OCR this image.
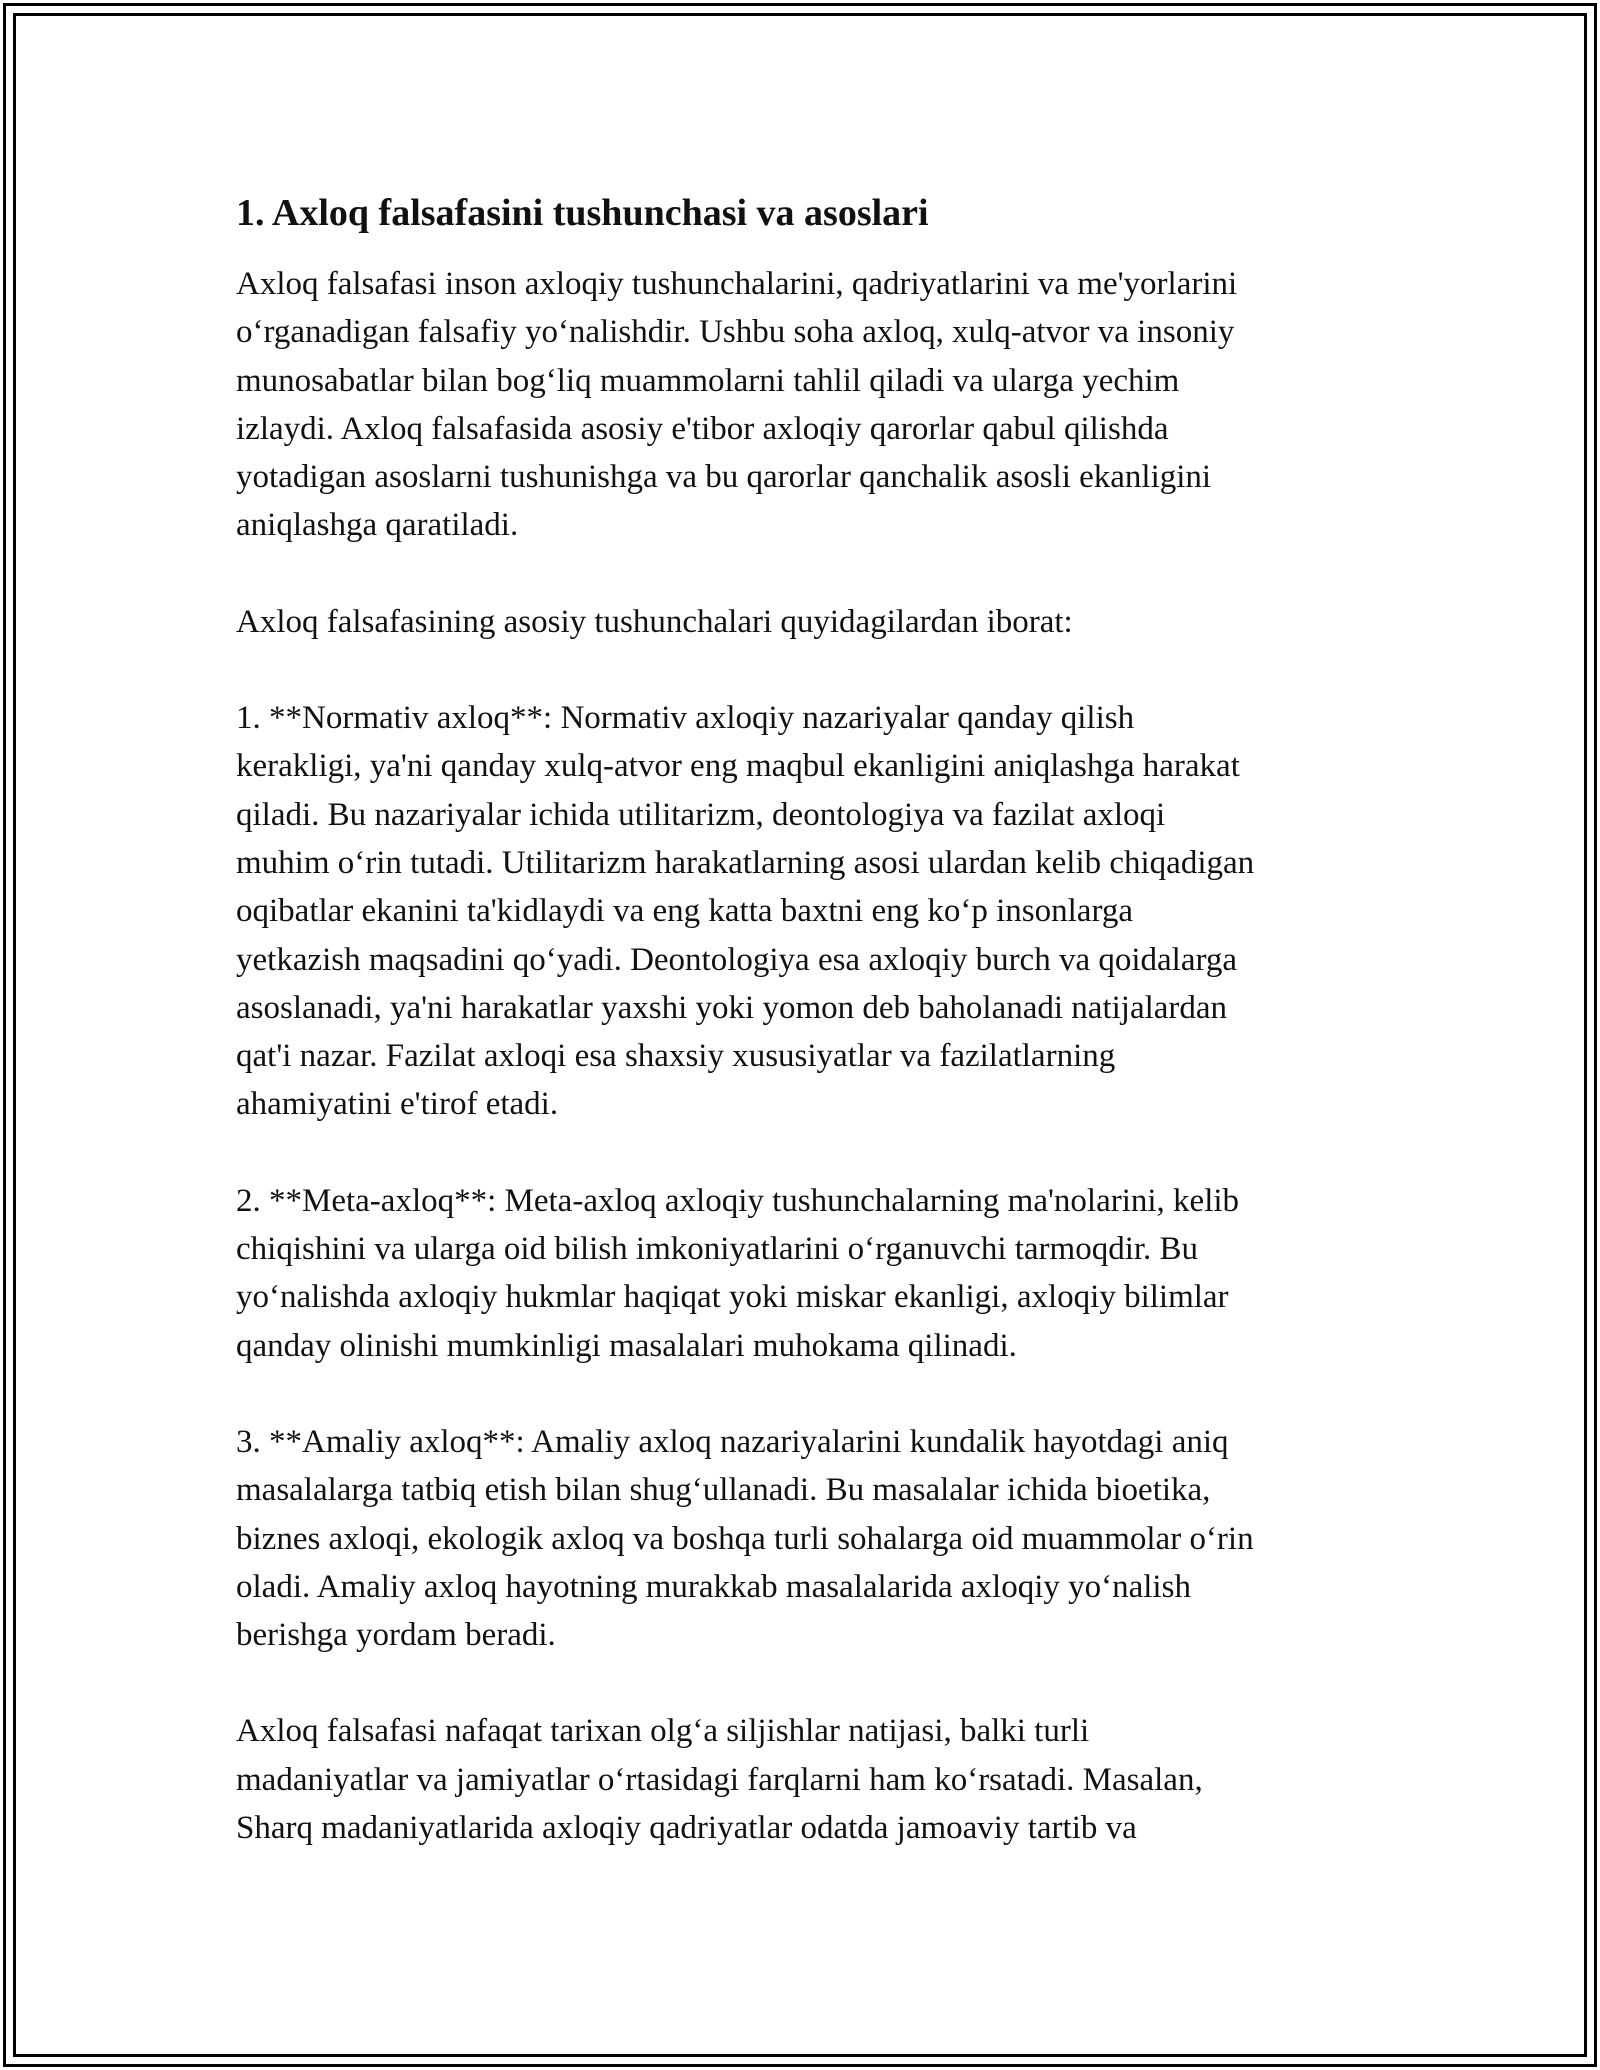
1. Axloq falsafasini tushunchasi va asoslari

Axloq falsafasi inson axloqiy tushunchalarini, qadriyatlarini va me'yorlarini
o‘rganadigan falsafiy yo‘nalishdir. Ushbu soha axloq, xulq-atvor va insoniy
munosabatlar bilan bog‘liq muammolarni tahlil qiladi va ularga yechim
izlaydi. Axloq falsafasida asosiy e'tibor axloqiy qarorlar qabul qilishda
yotadigan asoslarni tushunishga va bu qarorlar qanchalik asosli ekanligini
aniqlashga qaratiladi.

Axloq falsafasining asosiy tushunchalari quyidagilardan iborat:

1. **Normativ axloq**: Normativ axloqiy nazariyalar qanday qilish
kerakligi, ya'ni qanday xulq-atvor eng maqbul ekanligini aniqlashga harakat
qiladi. Bu nazariyalar ichida utilitarizm, deontologiya va fazilat axloqi
muhim o‘rin tutadi. Utilitarizm harakatlarning asosi ulardan kelib chiqadigan
oqibatlar ekanini ta'kidlaydi va eng katta baxtni eng ko‘p insonlarga
yetkazish maqsadini qo‘yadi. Deontologiya esa axloqiy burch va qoidalarga
asoslanadi, ya'ni harakatlar yaxshi yoki yomon deb baholanadi natijalardan
qat'i nazar. Fazilat axloqi esa shaxsiy xususiyatlar va fazilatlarning
ahamiyatini e'tirof etadi.

2. **Meta-axloq**: Meta-axloq axloqiy tushunchalarning ma'nolarini, kelib
chiqishini va ularga oid bilish imkoniyatlarini o‘rganuvchi tarmoqdir. Bu
yo‘nalishda axloqiy hukmlar haqiqat yoki miskar ekanligi, axloqiy bilimlar
qanday olinishi mumkinligi masalalari muhokama qilinadi.

3. **Amaliy axloq**: Amaliy axloq nazariyalarini kundalik hayotdagi aniq
masalalarga tatbiq etish bilan shug‘ullanadi. Bu masalalar ichida bioetika,
biznes axloqi, ekologik axloq va boshqa turli sohalarga oid muammolar o‘rin
oladi. Amaliy axloq hayotning murakkab masalalarida axloqiy yo‘nalish
berishga yordam beradi.

Axloq falsafasi nafaqat tarixan olg‘a siljishlar natijasi, balki turli
madaniyatlar va jamiyatlar o‘rtasidagi farqlarni ham ko‘rsatadi. Masalan,
Sharq madaniyatlarida axloqiy qadriyatlar odatda jamoaviy tartib va
